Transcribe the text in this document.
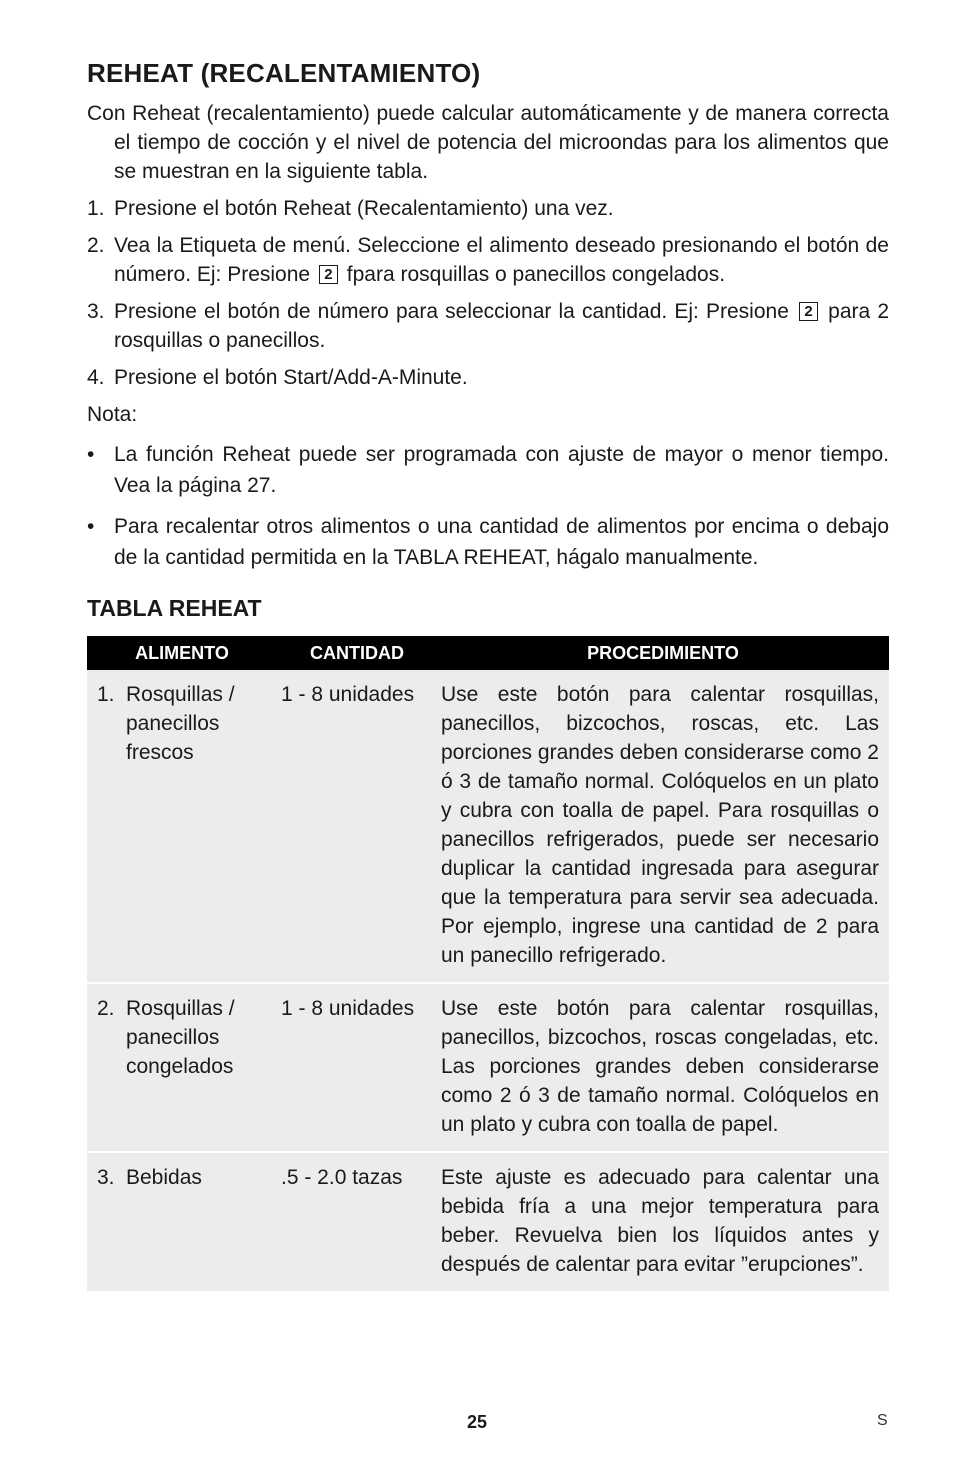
REHEAT (RECALENTAMIENTO)
Con Reheat (recalentamiento) puede calcular automáticamente y de manera correcta el tiempo de cocción y el nivel de potencia del microondas para los alimentos que se muestran en la siguiente tabla.
1. Presione el botón Reheat (Recalentamiento) una vez.
2. Vea la Etiqueta de menú. Seleccione el alimento deseado presionando el botón de número. Ej: Presione 2 fpara rosquillas o panecillos congelados.
3. Presione el botón de número para seleccionar la cantidad. Ej: Presione 2 para 2 rosquillas o panecillos.
4. Presione el botón Start/Add-A-Minute.
Nota:
• La función Reheat puede ser programada con ajuste de mayor o menor tiempo. Vea la página 27.
• Para recalentar otros alimentos o una cantidad de alimentos por encima o debajo de la cantidad permitida en la TABLA REHEAT, hágalo manualmente.
TABLA REHEAT
ALIMENTO	CANTIDAD	PROCEDIMIENTO

1. Rosquillas / panecillos frescos	1 - 8 unidades	Use este botón para calentar rosquillas, panecillos, bizcochos, roscas, etc. Las porciones grandes deben considerarse como 2 ó 3 de tamaño normal. Colóquelos en un plato y cubra con toalla de papel. Para rosquillas o panecillos refrigerados, puede ser necesario duplicar la cantidad ingresada para asegurar que la temperatura para servir sea adecuada. Por ejemplo, ingrese una cantidad de 2 para un panecillo refrigerado.

2. Rosquillas / panecillos congelados	1 - 8 unidades	Use este botón para calentar rosquillas, panecillos, bizcochos, roscas congeladas, etc. Las porciones grandes deben considerarse como 2 ó 3 de tamaño normal. Colóquelos en un plato y cubra con toalla de papel.

3. Bebidas	.5 - 2.0 tazas	Este ajuste es adecuado para calentar una bebida fría a una mejor temperatura para beber. Revuelva bien los líquidos antes y después de calentar para evitar ”erupciones”.
25	S
